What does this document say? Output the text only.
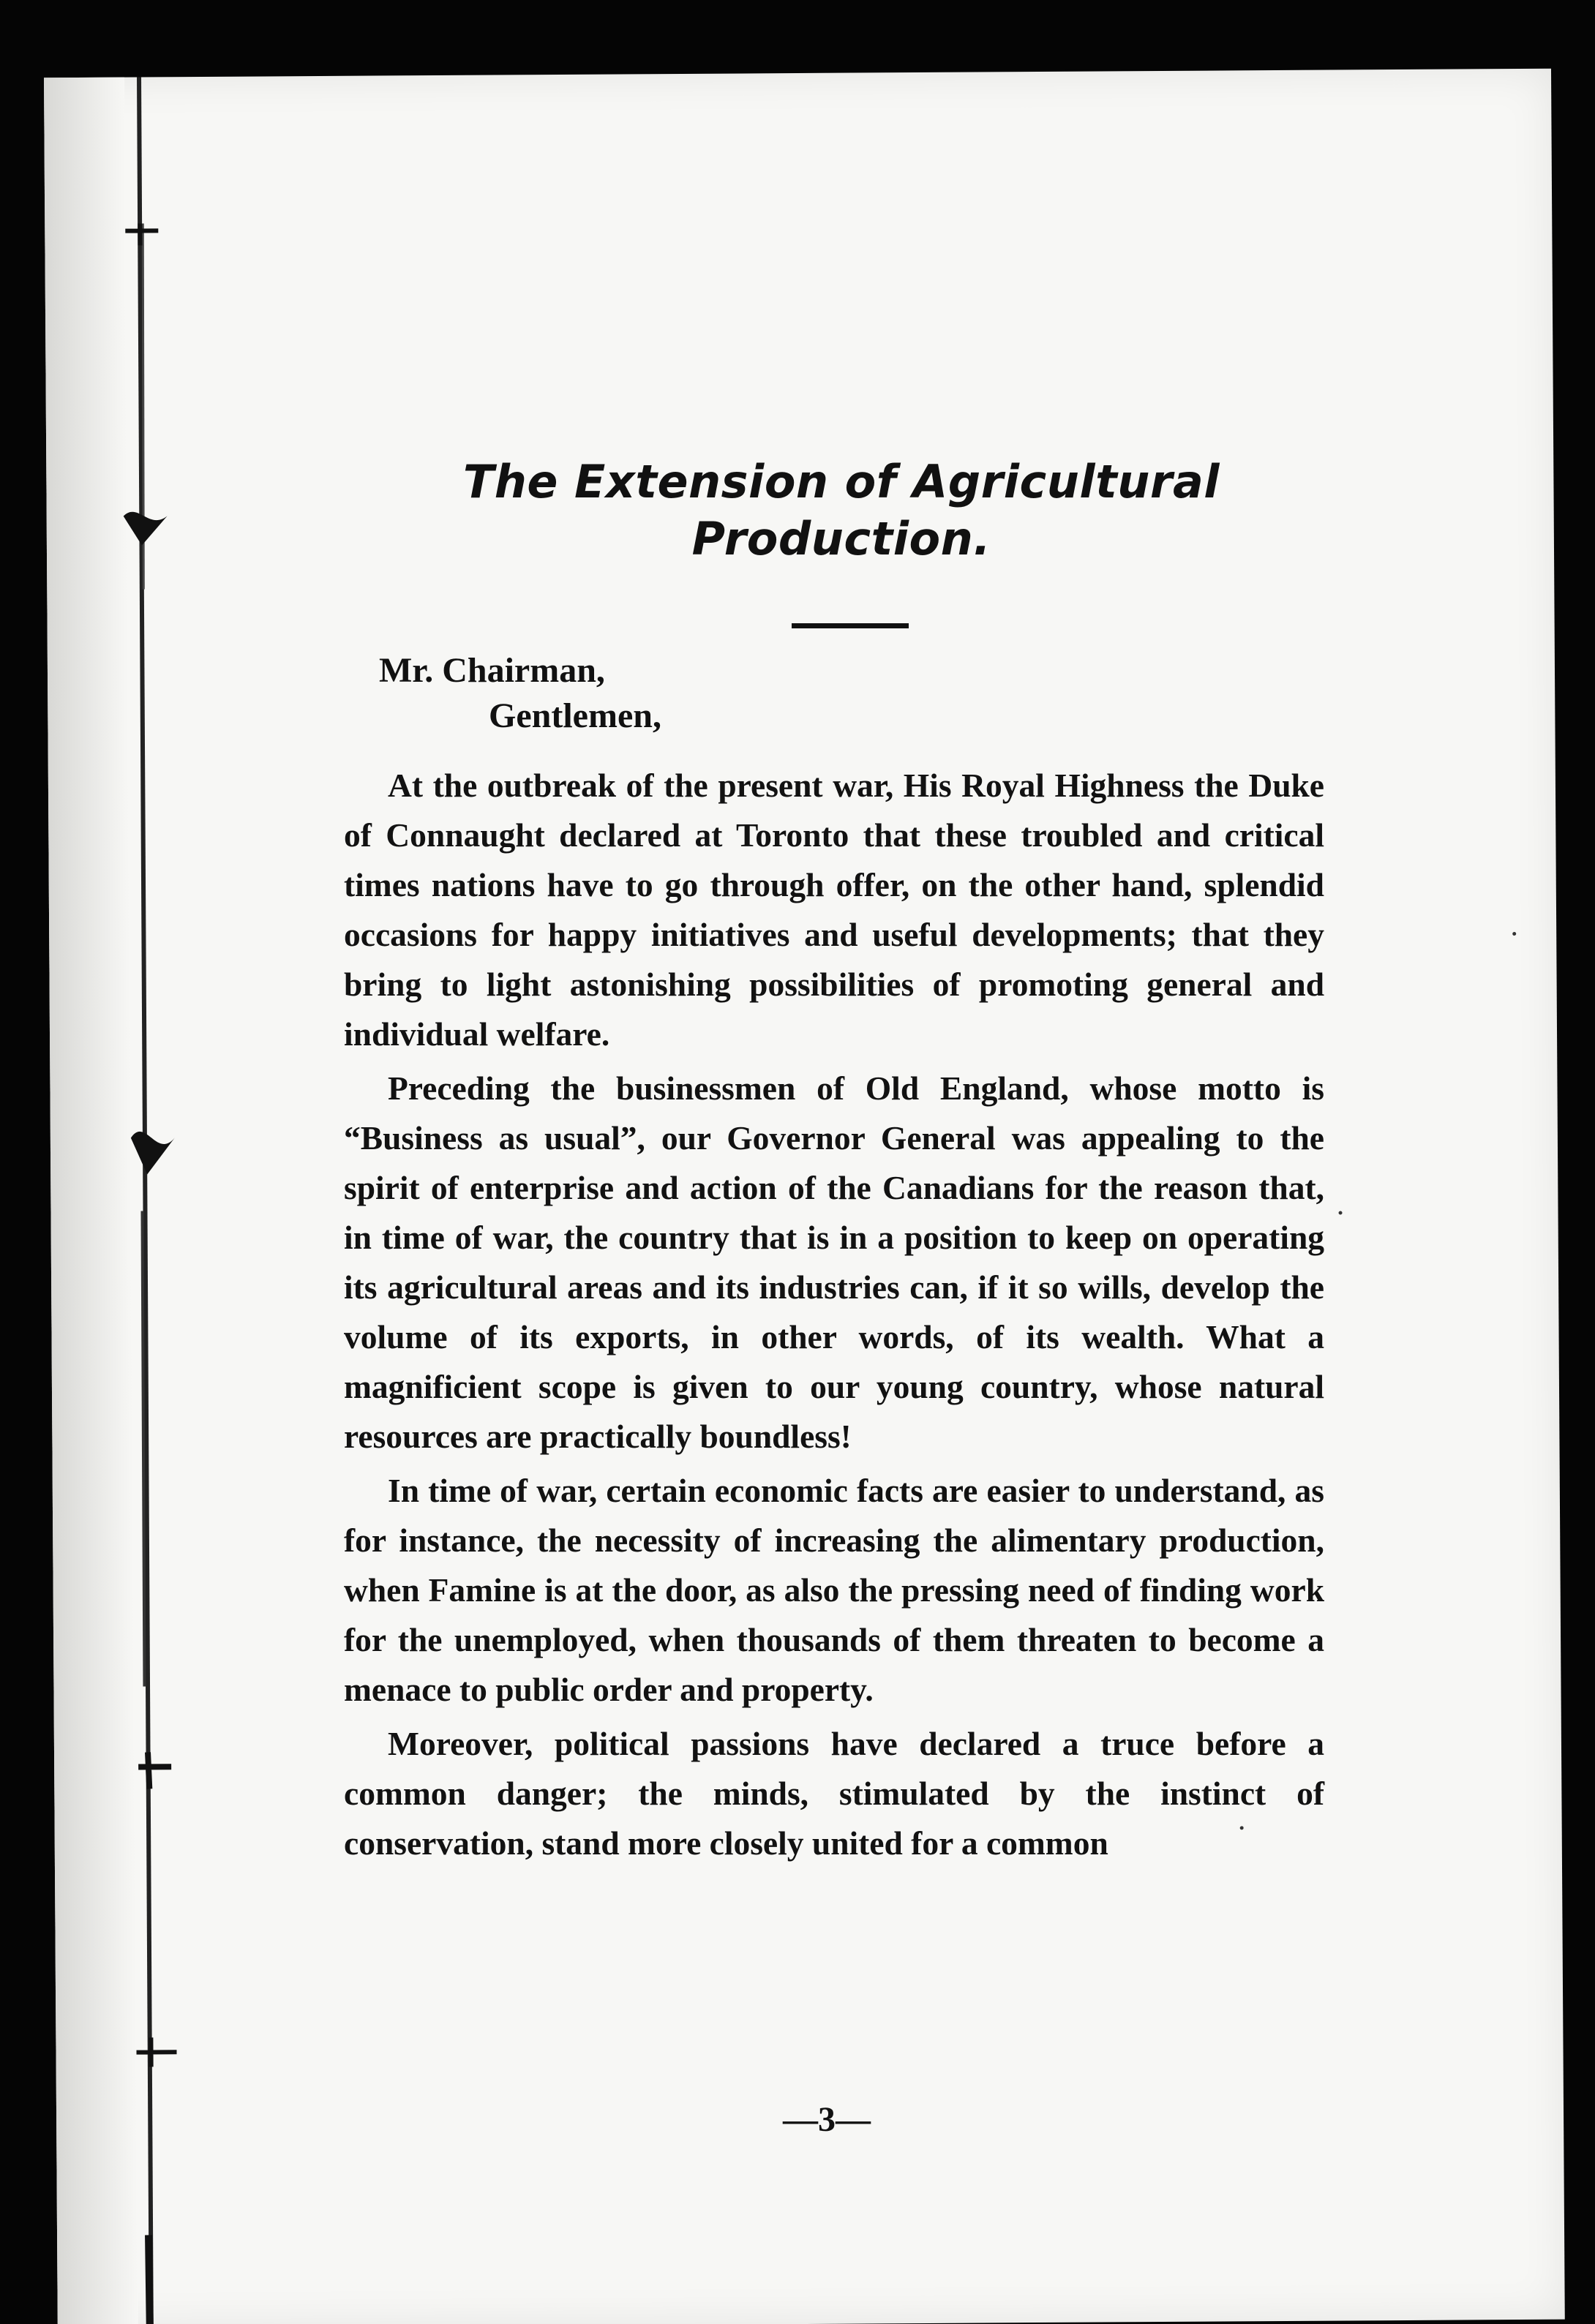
The Extension of Agricultural
Production.
Mr. Chairman,
Gentlemen,

At the outbreak of the present war, His Royal Highness the Duke of Connaught declared at Toronto that these troubled and critical times nations have to go through offer, on the other hand, splendid occasions for happy initiatives and useful developments; that they bring to light astonishing possibilities of promoting general and individual welfare.

Preceding the businessmen of Old England, whose motto is “Business as usual”, our Governor General was appealing to the spirit of enterprise and action of the Canadians for the reason that, in time of war, the country that is in a position to keep on operating its agricultural areas and its industries can, if it so wills, develop the volume of its exports, in other words, of its wealth. What a magnificient scope is given to our young country, whose natural resources are practically boundless!

In time of war, certain economic facts are easier to understand, as for instance, the necessity of increasing the alimentary production, when Famine is at the door, as also the pressing need of finding work for the unemployed, when thousands of them threaten to become a menace to public order and property.

Moreover, political passions have declared a truce before a common danger; the minds, stimulated by the instinct of conservation, stand more closely united for a common

—3—
